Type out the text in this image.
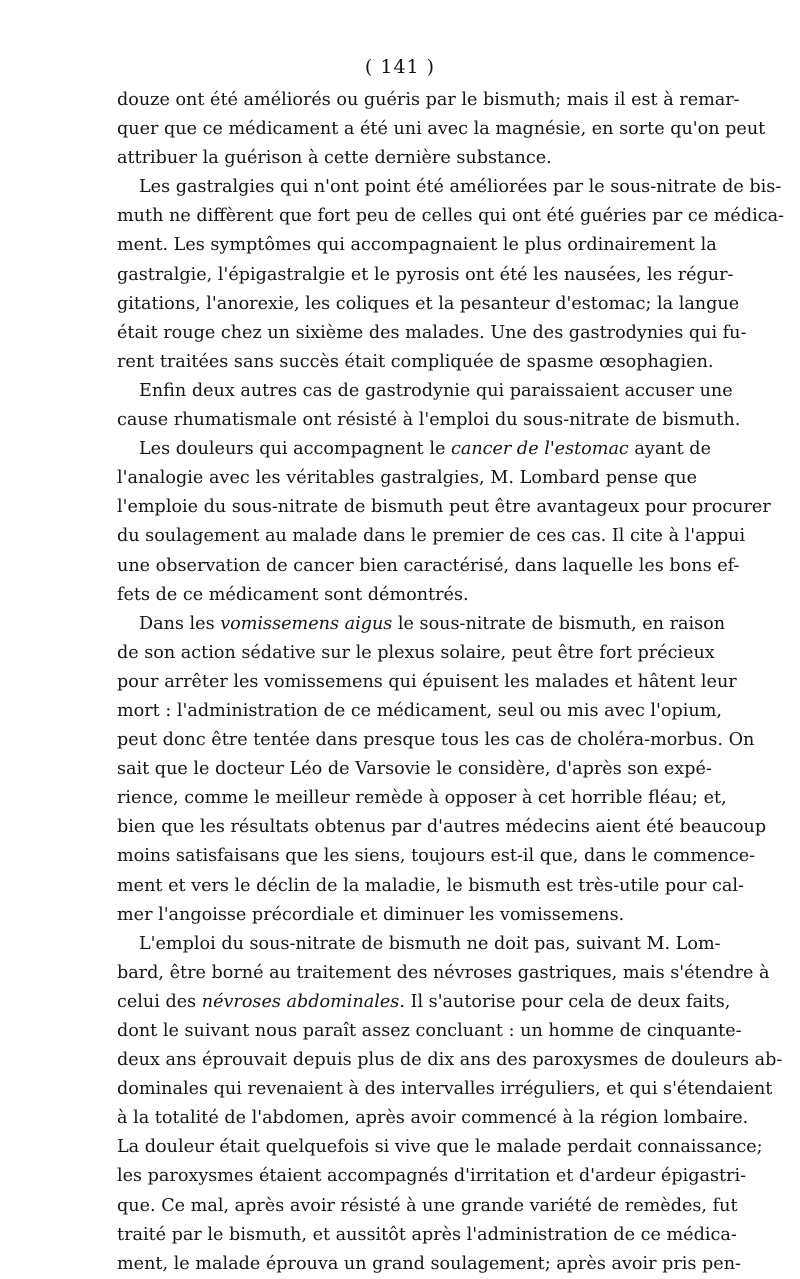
( 141 )
douze ont été améliorés ou guéris par le bismuth; mais il est à remar-
quer que ce médicament a été uni avec la magnésie, en sorte qu'on peut
attribuer la guérison à cette dernière substance.
Les gastralgies qui n'ont point été améliorées par le sous-nitrate de bis-
muth ne diffèrent que fort peu de celles qui ont été guéries par ce médica-
ment. Les symptômes qui accompagnaient le plus ordinairement la
gastralgie, l'épigastralgie et le pyrosis ont été les nausées, les régur-
gitations, l'anorexie, les coliques et la pesanteur d'estomac; la langue
était rouge chez un sixième des malades. Une des gastrodynies qui fu-
rent traitées sans succès était compliquée de spasme œsophagien.
Enfin deux autres cas de gastrodynie qui paraissaient accuser une
cause rhumatismale ont résisté à l'emploi du sous-nitrate de bismuth.
Les douleurs qui accompagnent le cancer de l'estomac ayant de
l'analogie avec les véritables gastralgies, M. Lombard pense que
l'emploie du sous-nitrate de bismuth peut être avantageux pour procurer
du soulagement au malade dans le premier de ces cas. Il cite à l'appui
une observation de cancer bien caractérisé, dans laquelle les bons ef-
fets de ce médicament sont démontrés.
Dans les vomissemens aigus le sous-nitrate de bismuth, en raison
de son action sédative sur le plexus solaire, peut être fort précieux
pour arrêter les vomissemens qui épuisent les malades et hâtent leur
mort : l'administration de ce médicament, seul ou mis avec l'opium,
peut donc être tentée dans presque tous les cas de choléra-morbus. On
sait que le docteur Léo de Varsovie le considère, d'après son expé-
rience, comme le meilleur remède à opposer à cet horrible fléau; et,
bien que les résultats obtenus par d'autres médecins aient été beaucoup
moins satisfaisans que les siens, toujours est-il que, dans le commence-
ment et vers le déclin de la maladie, le bismuth est très-utile pour cal-
mer l'angoisse précordiale et diminuer les vomissemens.
L'emploi du sous-nitrate de bismuth ne doit pas, suivant M. Lom-
bard, être borné au traitement des névroses gastriques, mais s'étendre à
celui des névroses abdominales. Il s'autorise pour cela de deux faits,
dont le suivant nous paraît assez concluant : un homme de cinquante-
deux ans éprouvait depuis plus de dix ans des paroxysmes de douleurs ab-
dominales qui revenaient à des intervalles irréguliers, et qui s'étendaient
à la totalité de l'abdomen, après avoir commencé à la région lombaire.
La douleur était quelquefois si vive que le malade perdait connaissance;
les paroxysmes étaient accompagnés d'irritation et d'ardeur épigastri-
que. Ce mal, après avoir résisté à une grande variété de remèdes, fut
traité par le bismuth, et aussitôt après l'administration de ce médica-
ment, le malade éprouva un grand soulagement; après avoir pris pen-
